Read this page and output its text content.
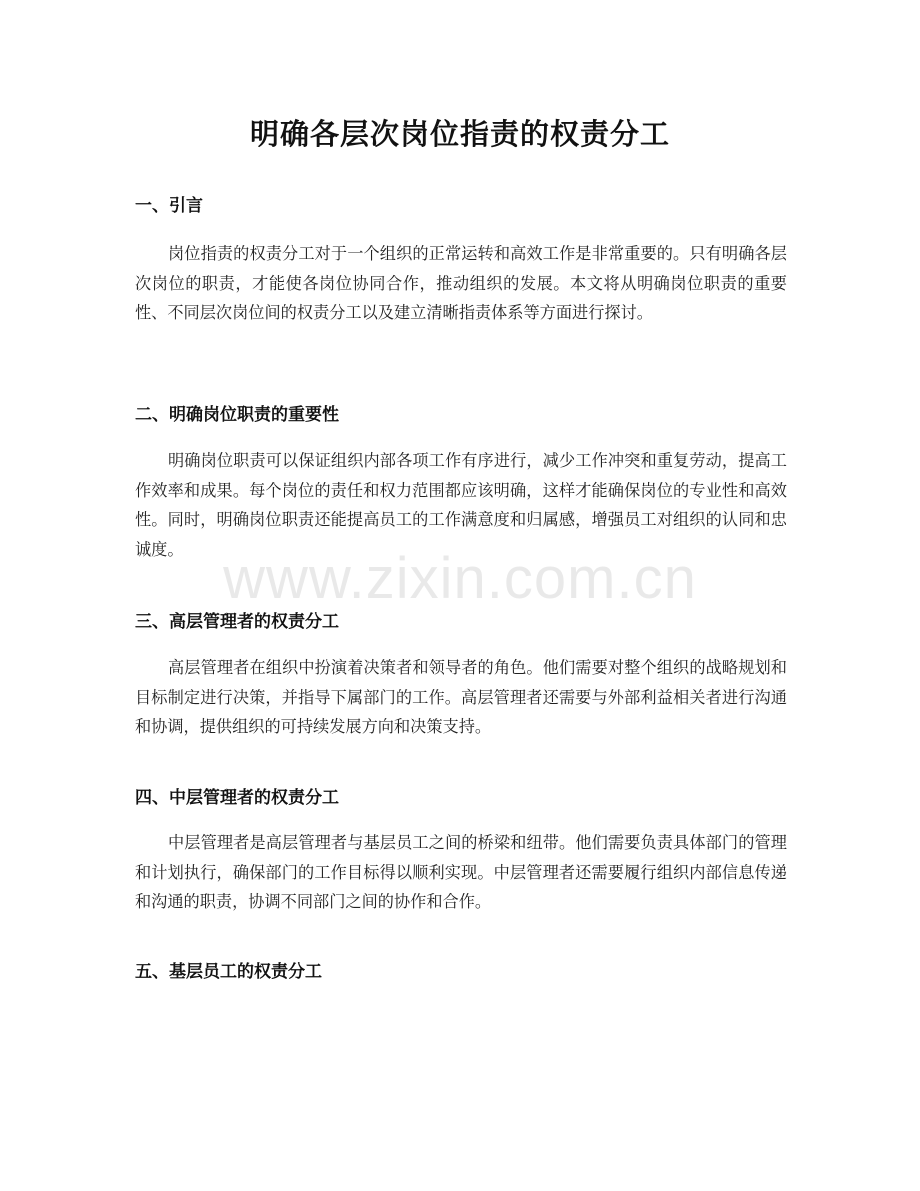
明确各层次岗位指责的权责分工
一、引言

岗位指责的权责分工对于一个组织的正常运转和高效工作是非常重要的。只有明确各层次岗位的职责，才能使各岗位协同合作，推动组织的发展。本文将从明确岗位职责的重要性、不同层次岗位间的权责分工以及建立清晰指责体系等方面进行探讨。

二、明确岗位职责的重要性

明确岗位职责可以保证组织内部各项工作有序进行，减少工作冲突和重复劳动，提高工作效率和成果。每个岗位的责任和权力范围都应该明确，这样才能确保岗位的专业性和高效性。同时，明确岗位职责还能提高员工的工作满意度和归属感，增强员工对组织的认同和忠诚度。

三、高层管理者的权责分工

高层管理者在组织中扮演着决策者和领导者的角色。他们需要对整个组织的战略规划和目标制定进行决策，并指导下属部门的工作。高层管理者还需要与外部利益相关者进行沟通和协调，提供组织的可持续发展方向和决策支持。

四、中层管理者的权责分工

中层管理者是高层管理者与基层员工之间的桥梁和纽带。他们需要负责具体部门的管理和计划执行，确保部门的工作目标得以顺利实现。中层管理者还需要履行组织内部信息传递和沟通的职责，协调不同部门之间的协作和合作。

五、基层员工的权责分工
www.zixin.com.cn
